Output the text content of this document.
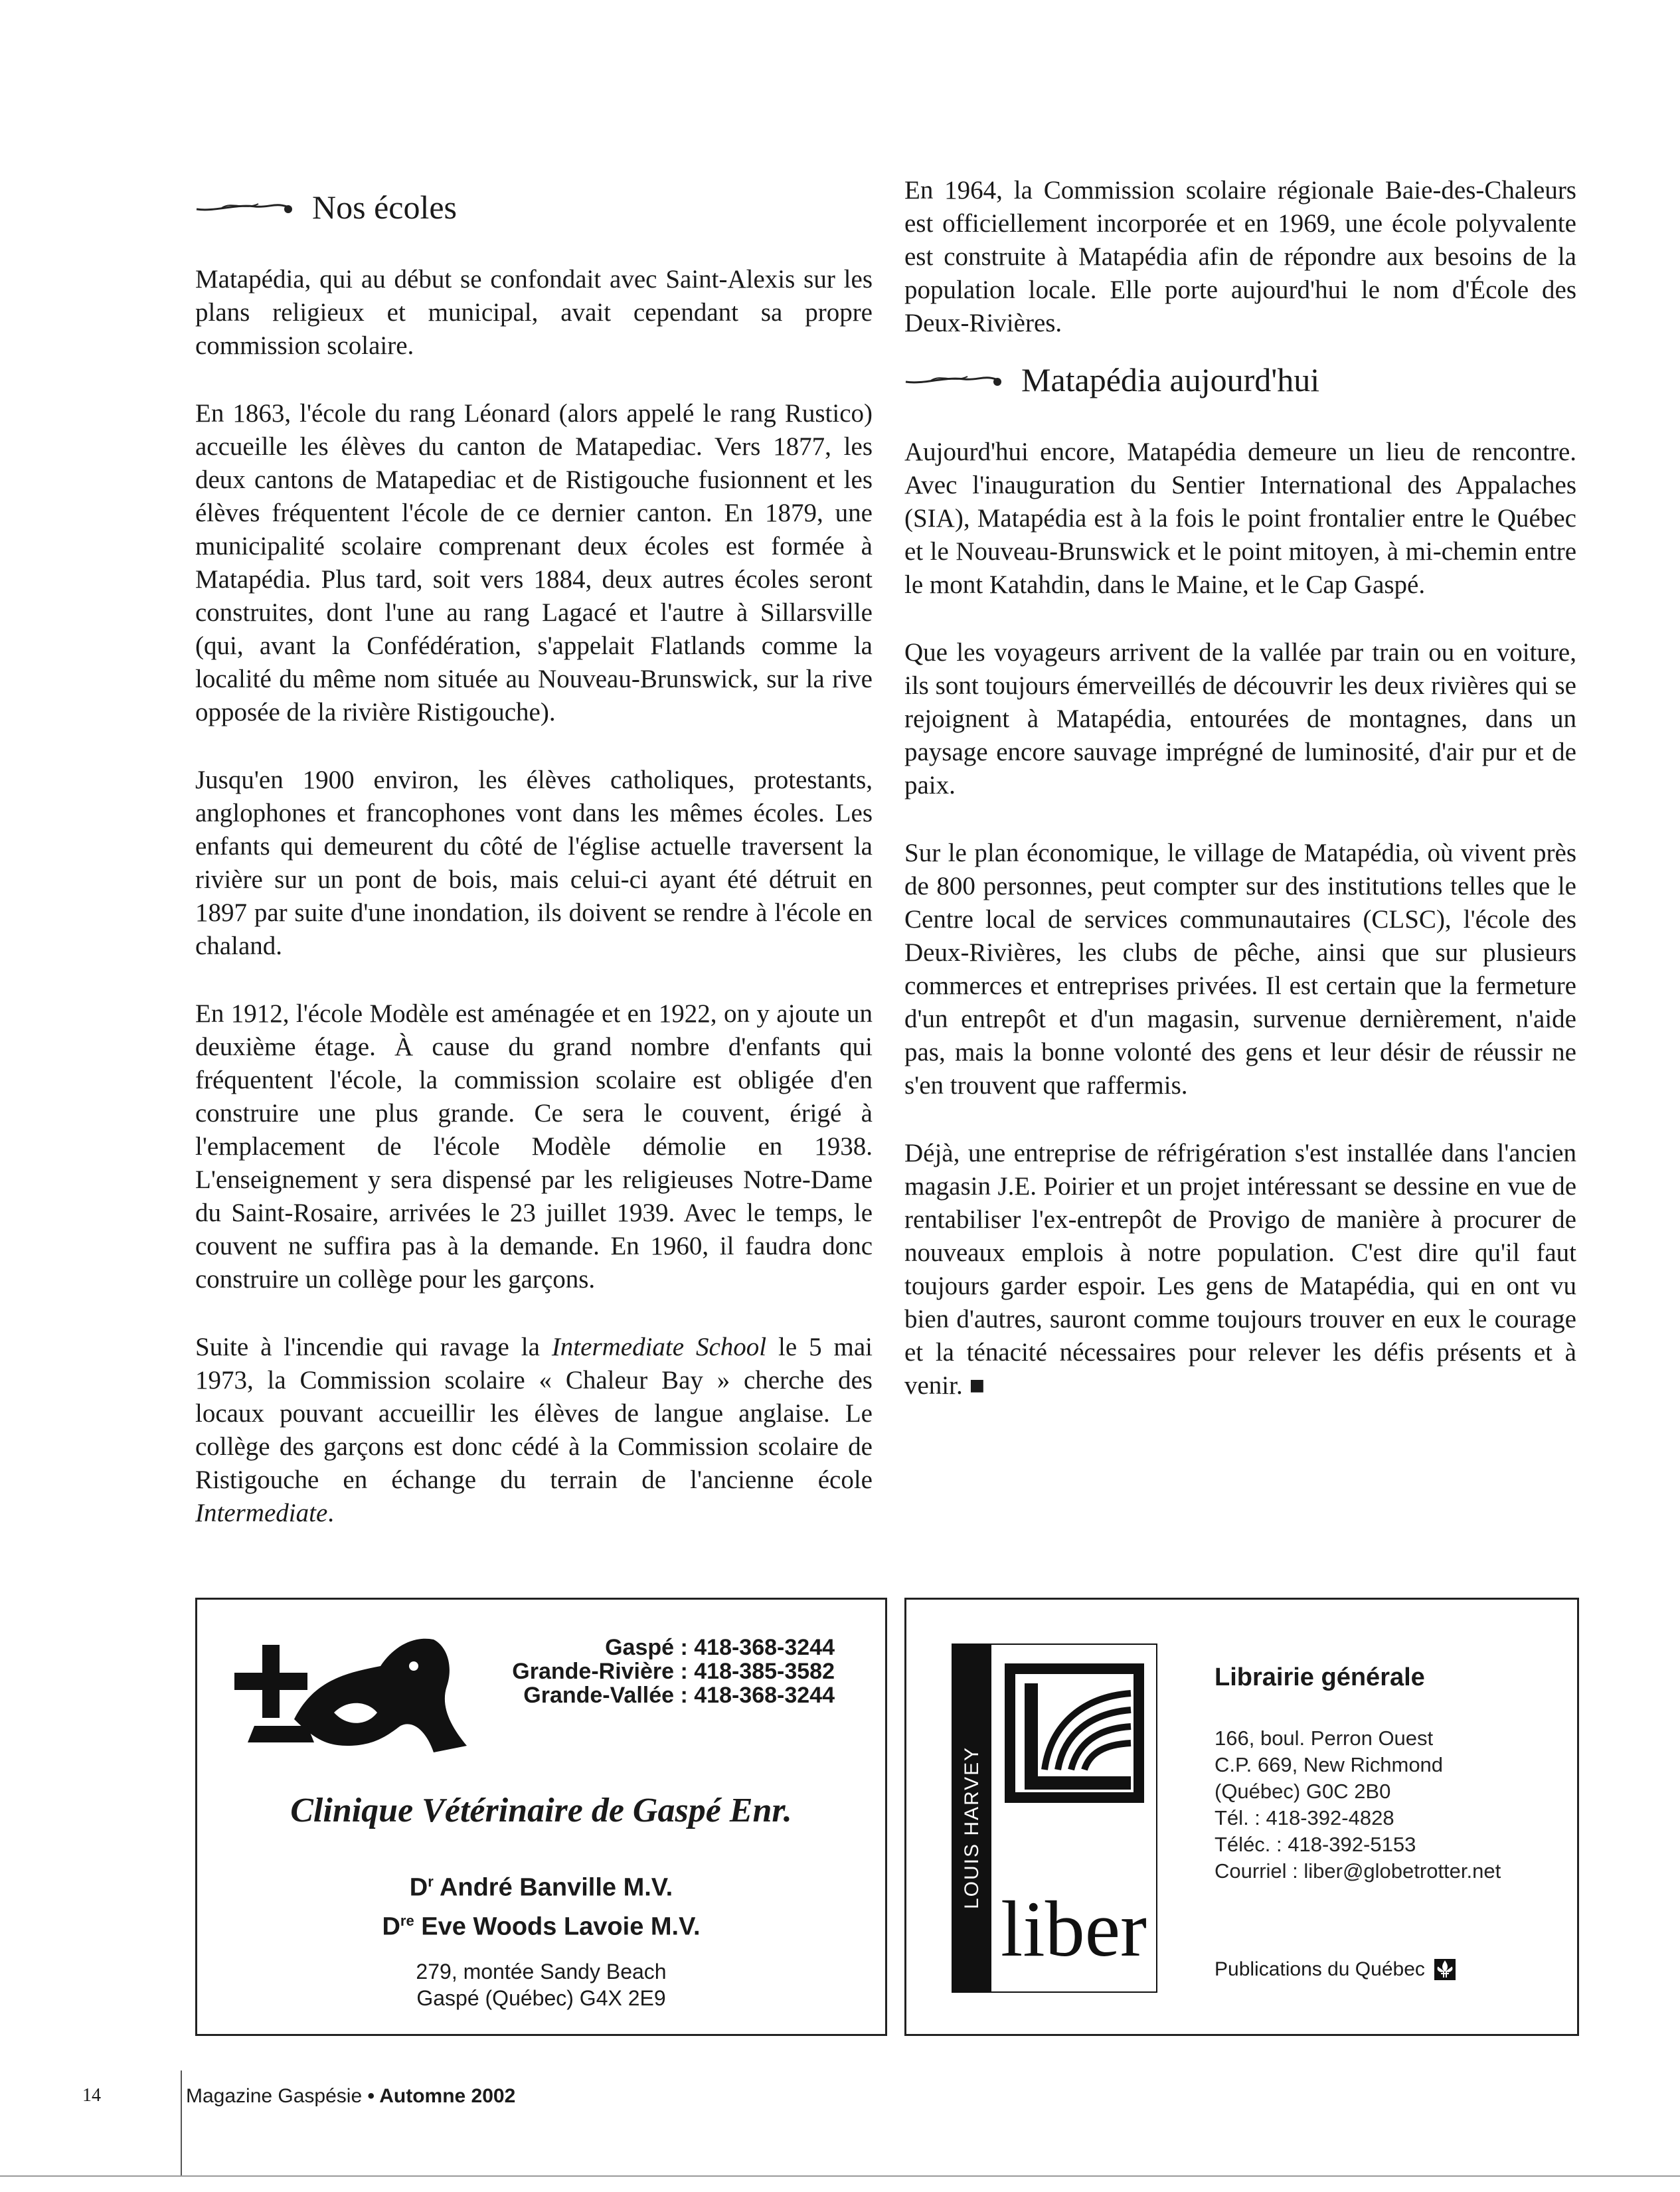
Nos écoles

Matapédia, qui au début se confondait avec Saint-Alexis sur les plans religieux et municipal, avait cependant sa propre commission scolaire.

En 1863, l'école du rang Léonard (alors appelé le rang Rustico) accueille les élèves du canton de Matapediac. Vers 1877, les deux cantons de Matapediac et de Ristigouche fusionnent et les élèves fréquentent l'école de ce dernier canton. En 1879, une municipalité scolaire comprenant deux écoles est formée à Matapédia. Plus tard, soit vers 1884, deux autres écoles seront construites, dont l'une au rang Lagacé et l'autre à Sillarsville (qui, avant la Confédération, s'appelait Flatlands comme la localité du même nom située au Nouveau-Brunswick, sur la rive opposée de la rivière Ristigouche).

Jusqu'en 1900 environ, les élèves catholiques, protestants, anglophones et francophones vont dans les mêmes écoles. Les enfants qui demeurent du côté de l'église actuelle traversent la rivière sur un pont de bois, mais celui-ci ayant été détruit en 1897 par suite d'une inondation, ils doivent se rendre à l'école en chaland.

En 1912, l'école Modèle est aménagée et en 1922, on y ajoute un deuxième étage. À cause du grand nombre d'enfants qui fréquentent l'école, la commission scolaire est obligée d'en construire une plus grande. Ce sera le couvent, érigé à l'emplacement de l'école Modèle démolie en 1938. L'enseignement y sera dispensé par les religieuses Notre-Dame du Saint-Rosaire, arrivées le 23 juillet 1939. Avec le temps, le couvent ne suffira pas à la demande. En 1960, il faudra donc construire un collège pour les garçons.

Suite à l'incendie qui ravage la Intermediate School le 5 mai 1973, la Commission scolaire « Chaleur Bay » cherche des locaux pouvant accueillir les élèves de langue anglaise. Le collège des garçons est donc cédé à la Commission scolaire de Ristigouche en échange du terrain de l'ancienne école Intermediate.

En 1964, la Commission scolaire régionale Baie-des-Chaleurs est officiellement incorporée et en 1969, une école polyvalente est construite à Matapédia afin de répondre aux besoins de la population locale. Elle porte aujourd'hui le nom d'École des Deux-Rivières.

Matapédia aujourd'hui

Aujourd'hui encore, Matapédia demeure un lieu de rencontre. Avec l'inauguration du Sentier International des Appalaches (SIA), Matapédia est à la fois le point frontalier entre le Québec et le Nouveau-Brunswick et le point mitoyen, à mi-chemin entre le mont Katahdin, dans le Maine, et le Cap Gaspé.

Que les voyageurs arrivent de la vallée par train ou en voiture, ils sont toujours émerveillés de découvrir les deux rivières qui se rejoignent à Matapédia, entourées de montagnes, dans un paysage encore sauvage imprégné de luminosité, d'air pur et de paix.

Sur le plan économique, le village de Matapédia, où vivent près de 800 personnes, peut compter sur des institutions telles que le Centre local de services communautaires (CLSC), l'école des Deux-Rivières, les clubs de pêche, ainsi que sur plusieurs commerces et entreprises privées. Il est certain que la fermeture d'un entrepôt et d'un magasin, survenue dernièrement, n'aide pas, mais la bonne volonté des gens et leur désir de réussir ne s'en trouvent que raffermis.

Déjà, une entreprise de réfrigération s'est installée dans l'ancien magasin J.E. Poirier et un projet intéressant se dessine en vue de rentabiliser l'ex-entrepôt de Provigo de manière à procurer de nouveaux emplois à notre population. C'est dire qu'il faut toujours garder espoir. Les gens de Matapédia, qui en ont vu bien d'autres, sauront comme toujours trouver en eux le courage et la ténacité nécessaires pour relever les défis présents et à venir. ■

Gaspé : 418-368-3244
Grande-Rivière : 418-385-3582
Grande-Vallée : 418-368-3244
Clinique Vétérinaire de Gaspé Enr.
$D^r$ André Banville M.V.
Dre Eve Woods Lavoie M.V.
279, montée Sandy Beach
Gaspé (Québec) G4X 2E9
LOUIS HARVEY
liber
Librairie générale
166, boul. Perron Ouest
C.P. 669, New Richmond
(Québec) G0C 2B0
Tél. : 418-392-4828
Téléc. : 418-392-5153
Courriel : liber@globetrotter.net
Publications du Québec
14	Magazine Gaspésie • Automne 2002
